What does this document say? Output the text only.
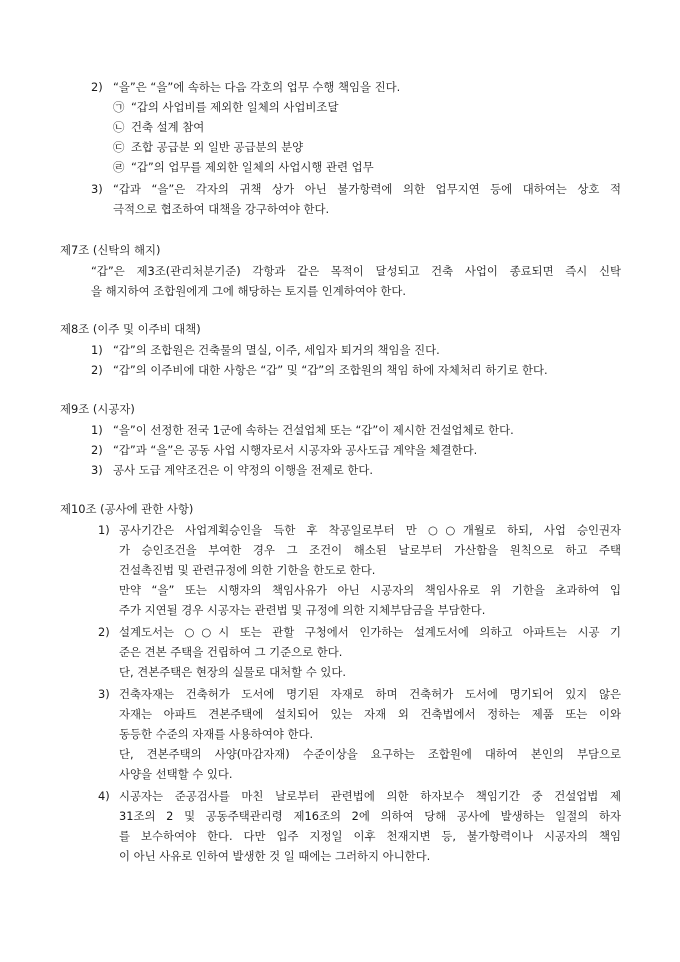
2) “을”은 “을”에 속하는 다음 각호의 업무 수행 책임을 진다.
㉠ “갑의 사업비를 제외한 일체의 사업비조달
㉡ 건축 설계 참여
㉢ 조합 공급분 외 일반 공급분의 분양
㉣ “갑”의 업무를 제외한 일체의 사업시행 관련 업무
3) “갑과 “을”은 각자의 귀책 상가 아닌 불가항력에 의한 업무지연 등에 대하여는 상호 적
극적으로 협조하여 대책을 강구하여야 한다.
제7조 (신탁의 해지)
“갑”은 제3조(관리처분기준) 각항과 같은 목적이 달성되고 건축 사업이 종료되면 즉시 신탁
을 해지하여 조합원에게 그에 해당하는 토지를 인계하여야 한다.
제8조 (이주 및 이주비 대책)
1) “갑”의 조합원은 건축물의 멸실, 이주, 세입자 퇴거의 책임을 진다.
2) “갑”의 이주비에 대한 사항은 “갑” 및 “갑”의 조합원의 책임 하에 자체처리 하기로 한다.
제9조 (시공자)
1) “을”이 선정한 전국 1군에 속하는 건설업체 또는 “갑”이 제시한 건설업체로 한다.
2) “갑”과 “을”은 공동 사업 시행자로서 시공자와 공사도급 계약을 체결한다.
3) 공사 도급 계약조건은 이 약정의 이행을 전제로 한다.
제10조 (공사에 관한 사항)
1) 공사기간은 사업계획승인을 득한 후 착공일로부터 만 ○○개월로 하되, 사업 승인권자
가 승인조건을 부여한 경우 그 조건이 해소된 날로부터 가산함을 원칙으로 하고 주택
건설촉진법 및 관련규정에 의한 기한을 한도로 한다.
만약 “을” 또는 시행자의 책임사유가 아닌 시공자의 책임사유로 위 기한을 초과하여 입
주가 지연될 경우 시공자는 관련법 및 규정에 의한 지체부담금을 부담한다.
2) 설계도서는 ○○시 또는 관할 구청에서 인가하는 설계도서에 의하고 아파트는 시공 기
준은 견본 주택을 건립하여 그 기준으로 한다.
단, 견본주택은 현장의 실물로 대처할 수 있다.
3) 건축자재는 건축허가 도서에 명기된 자재로 하며 건축허가 도서에 명기되어 있지 않은
자재는 아파트 견본주택에 설치되어 있는 자재 외 건축법에서 정하는 제품 또는 이와
동등한 수준의 자재를 사용하여야 한다.
단, 견본주택의 사양(마감자재) 수준이상을 요구하는 조합원에 대하여 본인의 부담으로
사양을 선택할 수 있다.
4) 시공자는 준공검사를 마친 날로부터 관련법에 의한 하자보수 책임기간 중 건설업법 제
31조의 2 및 공동주택관리령 제16조의 2에 의하여 당해 공사에 발생하는 일절의 하자
를 보수하여야 한다. 다만 입주 지정일 이후 천재지변 등, 불가항력이나 시공자의 책임
이 아닌 사유로 인하여 발생한 것 일 때에는 그러하지 아니한다.
